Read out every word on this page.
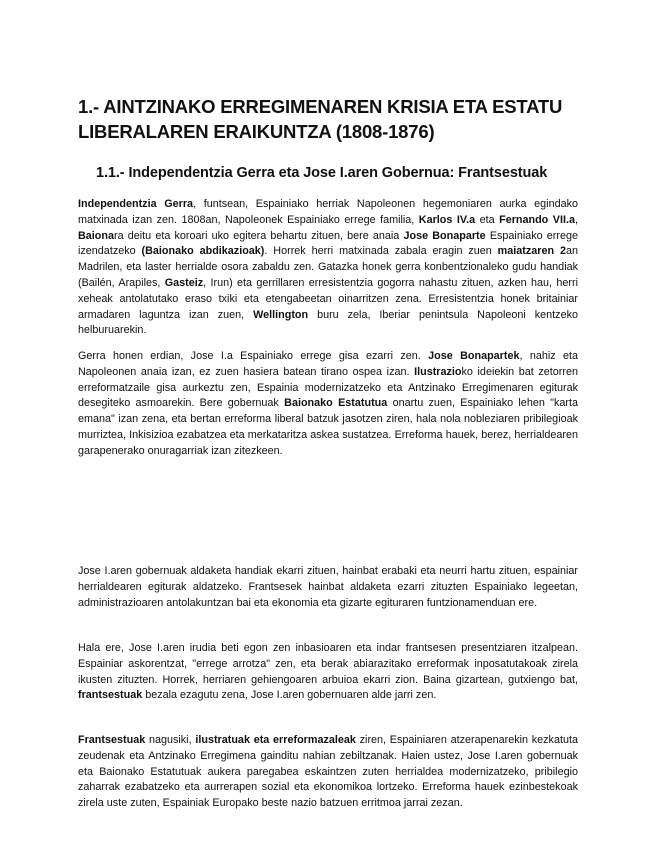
1.- AINTZINAKO ERREGIMENAREN KRISIA ETA ESTATU LIBERALAREN ERAIKUNTZA (1808-1876)
1.1.- Independentzia Gerra eta Jose I.aren Gobernua: Frantsestuak

Independentzia Gerra, funtsean, Espainiako herriak Napoleonen hegemoniaren aurka egindako matxinada izan zen. 1808an, Napoleonek Espainiako errege familia, Karlos IV.a eta Fernando VII.a, Baionara deitu eta koroari uko egitera behartu zituen, bere anaia Jose Bonaparte Espainiako errege izendatzeko (Baionako abdikazioak). Horrek herri matxinada zabala eragin zuen maiatzaren 2an Madrilen, eta laster herrialde osora zabaldu zen. Gatazka honek gerra konbentzionaleko gudu handiak (Bailén, Arapiles, Gasteiz, Irun) eta gerrillaren erresistentzia gogorra nahastu zituen, azken hau, herri xeheak antolatutako eraso txiki eta etengabeetan oinarritzen zena. Erresistentzia honek britainiar armadaren laguntza izan zuen, Wellington buru zela, Iberiar penintsula Napoleoni kentzeko helburuarekin.

Gerra honen erdian, Jose I.a Espainiako errege gisa ezarri zen. Jose Bonapartek, nahiz eta Napoleonen anaia izan, ez zuen hasiera batean tirano ospea izan. Ilustrazioko ideiekin bat zetorren erreformatzaile gisa aurkeztu zen, Espainia modernizatzeko eta Antzinako Erregimenaren egiturak desegiteko asmoarekin. Bere gobernuak Baionako Estatutua onartu zuen, Espainiako lehen "karta emana" izan zena, eta bertan erreforma liberal batzuk jasotzen ziren, hala nola nobleziaren pribilegioak murriztea, Inkisizioa ezabatzea eta merkataritza askea sustatzea. Erreforma hauek, berez, herrialdearen garapenerako onuragarriak izan zitezkeen.

Jose I.aren gobernuak aldaketa handiak ekarri zituen, hainbat erabaki eta neurri hartu zituen, espainiar herrialdearen egiturak aldatzeko. Frantsesek hainbat aldaketa ezarri zituzten Espainiako legeetan, administrazioaren antolakuntzan bai eta ekonomia eta gizarte egituraren funtzionamenduan ere.

Hala ere, Jose I.aren irudia beti egon zen inbasioaren eta indar frantsesen presentziaren itzalpean. Espainiar askorentzat, "errege arrotza" zen, eta berak abiarazitako erreformak inposatutakoak zirela ikusten zituzten. Horrek, herriaren gehiengoaren arbuioa ekarri zion. Baina gizartean, gutxiengo bat, frantsestuak bezala ezagutu zena, Jose I.aren gobernuaren alde jarri zen.

Frantsestuak nagusiki, ilustratuak eta erreformazaleak ziren, Espainiaren atzerapenarekin kezkatuta zeudenak eta Antzinako Erregimena gainditu nahian zebiltzanak. Haien ustez, Jose I.aren gobernuak eta Baionako Estatutuak aukera paregabea eskaintzen zuten herrialdea modernizatzeko, pribilegio zaharrak ezabatzeko eta aurrerapen sozial eta ekonomikoa lortzeko. Erreforma hauek ezinbestekoak zirela uste zuten, Espainiak Europako beste nazio batzuen erritmoa jarrai zezan.
